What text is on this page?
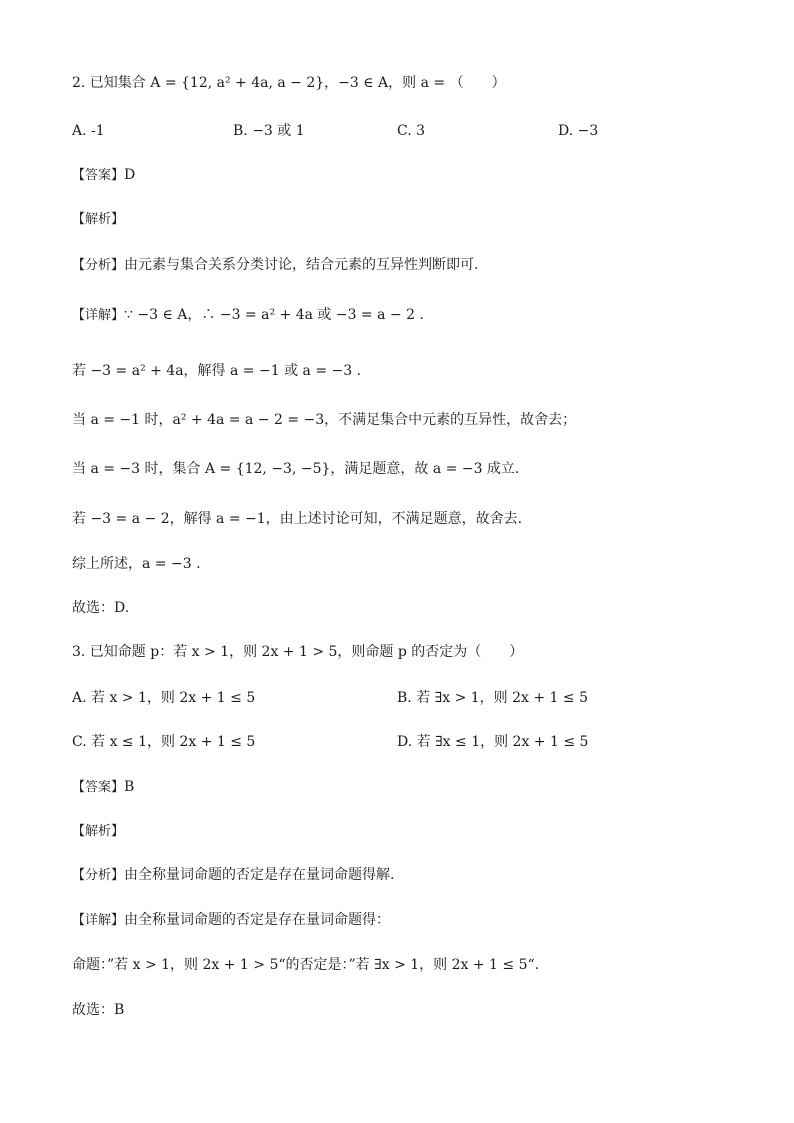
2. 已知集合 A = {12, a² + 4a, a − 2}，−3 ∈ A，则 a = （　　）
A. -1	B. −3 或 1	C. 3	D. −3
【答案】D
【解析】
【分析】由元素与集合关系分类讨论，结合元素的互异性判断即可.
【详解】∵ −3 ∈ A，∴ −3 = a² + 4a 或 −3 = a − 2 .
若 −3 = a² + 4a，解得 a = −1 或 a = −3 .
当 a = −1 时，a² + 4a = a − 2 = −3，不满足集合中元素的互异性，故舍去；
当 a = −3 时，集合 A = {12, −3, −5}，满足题意，故 a = −3 成立.
若 −3 = a − 2，解得 a = −1，由上述讨论可知，不满足题意，故舍去.
综上所述，a = −3 .
故选：D.
3. 已知命题 p：若 x > 1，则 2x + 1 > 5，则命题 p 的否定为（　　）
A. 若 x > 1，则 2x + 1 ≤ 5	B. 若 ∃x > 1，则 2x + 1 ≤ 5
C. 若 x ≤ 1，则 2x + 1 ≤ 5	D. 若 ∃x ≤ 1，则 2x + 1 ≤ 5
【答案】B
【解析】
【分析】由全称量词命题的否定是存在量词命题得解.
【详解】由全称量词命题的否定是存在量词命题得：
命题：”若 x > 1，则 2x + 1 > 5“的否定是：”若 ∃x > 1，则 2x + 1 ≤ 5“.
故选：B
